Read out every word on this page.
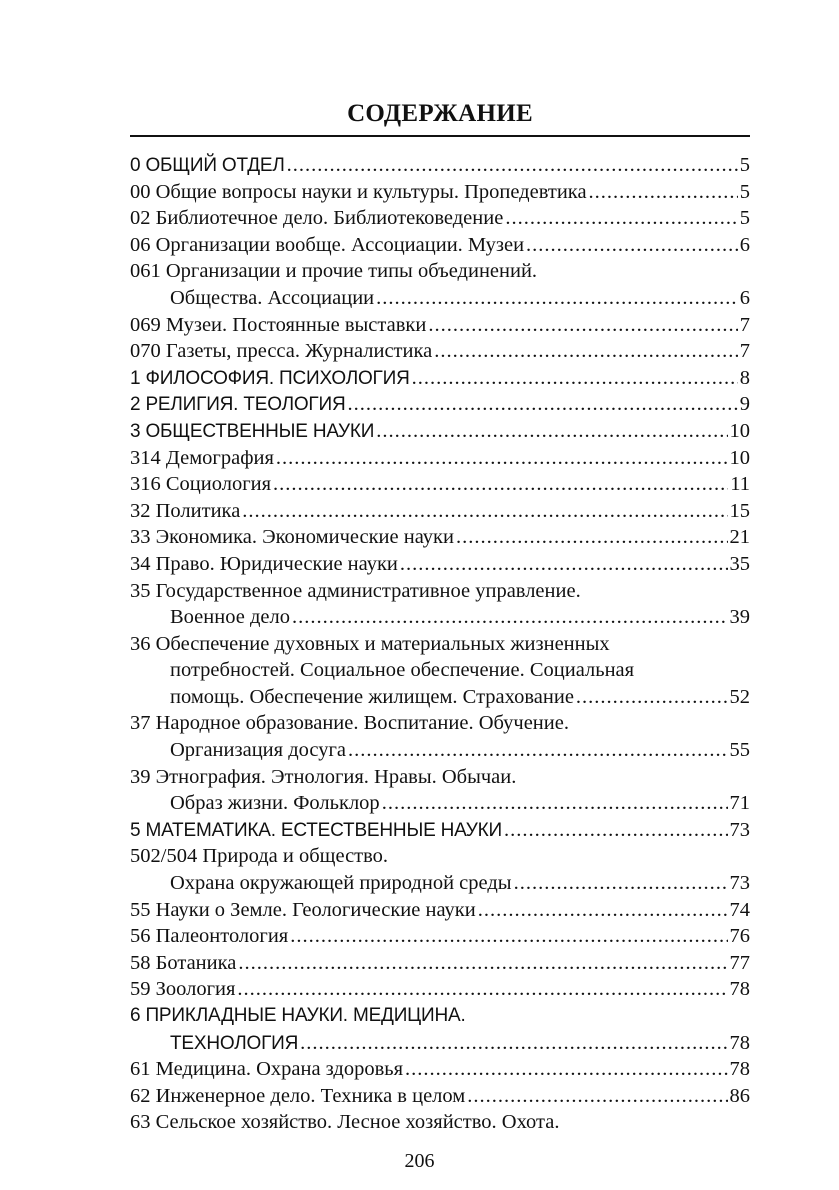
СОДЕРЖАНИЕ
0 ОБЩИЙ ОТДЕЛ .....	5
00 Общие вопросы науки и культуры. Пропедевтика .....	5
02 Библиотечное дело. Библиотековедение .....	5
06 Организации вообще. Ассоциации. Музеи .....	6
061 Организации и прочие типы объединений.
Общества. Ассоциации .....	6
069 Музеи. Постоянные выставки .....	7
070 Газеты, пресса. Журналистика .....	7
1 ФИЛОСОФИЯ. ПСИХОЛОГИЯ .....	8
2 РЕЛИГИЯ. ТЕОЛОГИЯ .....	9
3 ОБЩЕСТВЕННЫЕ НАУКИ .....	10
314 Демография .....	10
316 Социология .....	11
32 Политика .....	15
33 Экономика. Экономические науки .....	21
34 Право. Юридические науки .....	35
35 Государственное административное управление.
Военное дело .....	39
36 Обеспечение духовных и материальных жизненных
потребностей. Социальное обеспечение. Социальная
помощь. Обеспечение жилищем. Страхование .....	52
37 Народное образование. Воспитание. Обучение.
Организация досуга .....	55
39 Этнография. Этнология. Нравы. Обычаи.
Образ жизни. Фольклор .....	71
5 МАТЕМАТИКА. ЕСТЕСТВЕННЫЕ НАУКИ .....	73
502/504 Природа и общество.
Охрана окружающей природной среды .....	73
55 Науки о Земле. Геологические науки .....	74
56 Палеонтология .....	76
58 Ботаника .....	77
59 Зоология .....	78
6 ПРИКЛАДНЫЕ НАУКИ. МЕДИЦИНА.
ТЕХНОЛОГИЯ .....	78
61 Медицина. Охрана здоровья .....	78
62 Инженерное дело. Техника в целом .....	86
63 Сельское хозяйство. Лесное хозяйство. Охота.
206
